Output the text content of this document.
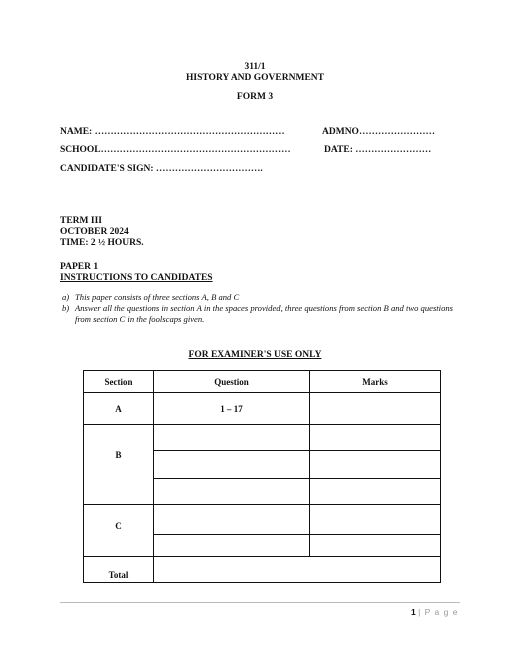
311/1
HISTORY AND GOVERNMENT
FORM 3
NAME: ……………………………………………………	ADMNO……………………
SCHOOL……………………………………………………	DATE: ……………………
CANDIDATE'S SIGN: …………………………….
TERM III
OCTOBER 2024
TIME: 2 ½ HOURS.
PAPER 1
INSTRUCTIONS TO CANDIDATES
a) This paper consists of three sections A, B and C
b) Answer all the questions in section A in the spaces provided, three questions from section B and two questions from section C in the foolscaps given.
FOR EXAMINER'S USE ONLY
Section	Question	Marks
A	1 – 17	
B		

C		

Total		
1 | P a g e
